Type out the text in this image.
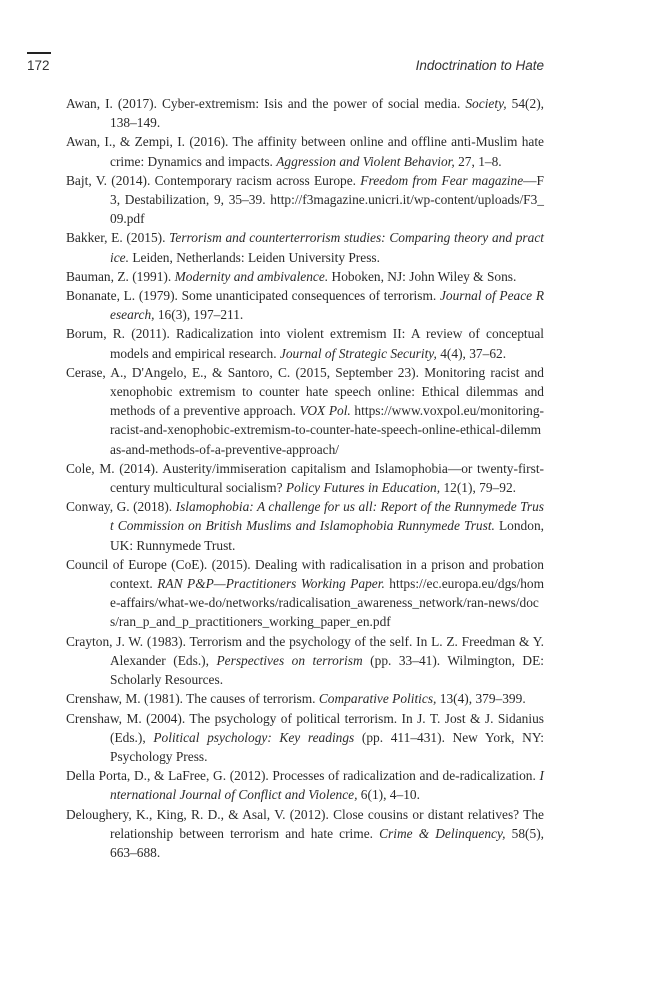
172	Indoctrination to Hate
Awan, I. (2017). Cyber-extremism: Isis and the power of social media. Society, 54(2), 138–149.
Awan, I., & Zempi, I. (2016). The affinity between online and offline anti-Muslim hate crime: Dynamics and impacts. Aggression and Violent Behavior, 27, 1–8.
Bajt, V. (2014). Contemporary racism across Europe. Freedom from Fear magazine—F3, Destabilization, 9, 35–39. http://f3magazine.unicri.it/wp-content/uploads/F3_09.pdf
Bakker, E. (2015). Terrorism and counterterrorism studies: Comparing theory and practice. Leiden, Netherlands: Leiden University Press.
Bauman, Z. (1991). Modernity and ambivalence. Hoboken, NJ: John Wiley & Sons.
Bonanate, L. (1979). Some unanticipated consequences of terrorism. Journal of Peace Research, 16(3), 197–211.
Borum, R. (2011). Radicalization into violent extremism II: A review of conceptual models and empirical research. Journal of Strategic Security, 4(4), 37–62.
Cerase, A., D'Angelo, E., & Santoro, C. (2015, September 23). Monitoring racist and xenophobic extremism to counter hate speech online: Ethical dilemmas and methods of a preventive approach. VOX Pol. https://www.voxpol.eu/monitoring-racist-and-xenophobic-extremism-to-counter-hate-speech-online-ethical-dilemmas-and-methods-of-a-preventive-approach/
Cole, M. (2014). Austerity/immiseration capitalism and Islamophobia—or twenty-first-century multicultural socialism? Policy Futures in Education, 12(1), 79–92.
Conway, G. (2018). Islamophobia: A challenge for us all: Report of the Runnymede Trust Commission on British Muslims and Islamophobia Runnymede Trust. London, UK: Runnymede Trust.
Council of Europe (CoE). (2015). Dealing with radicalisation in a prison and probation context. RAN P&P—Practitioners Working Paper. https://ec.europa.eu/dgs/home-affairs/what-we-do/networks/radicalisation_awareness_network/ran-news/docs/ran_p_and_p_practitioners_working_paper_en.pdf
Crayton, J. W. (1983). Terrorism and the psychology of the self. In L. Z. Freedman & Y. Alexander (Eds.), Perspectives on terrorism (pp. 33–41). Wilmington, DE: Scholarly Resources.
Crenshaw, M. (1981). The causes of terrorism. Comparative Politics, 13(4), 379–399.
Crenshaw, M. (2004). The psychology of political terrorism. In J. T. Jost & J. Sidanius (Eds.), Political psychology: Key readings (pp. 411–431). New York, NY: Psychology Press.
Della Porta, D., & LaFree, G. (2012). Processes of radicalization and de-radicalization. International Journal of Conflict and Violence, 6(1), 4–10.
Deloughery, K., King, R. D., & Asal, V. (2012). Close cousins or distant relatives? The relationship between terrorism and hate crime. Crime & Delinquency, 58(5), 663–688.
